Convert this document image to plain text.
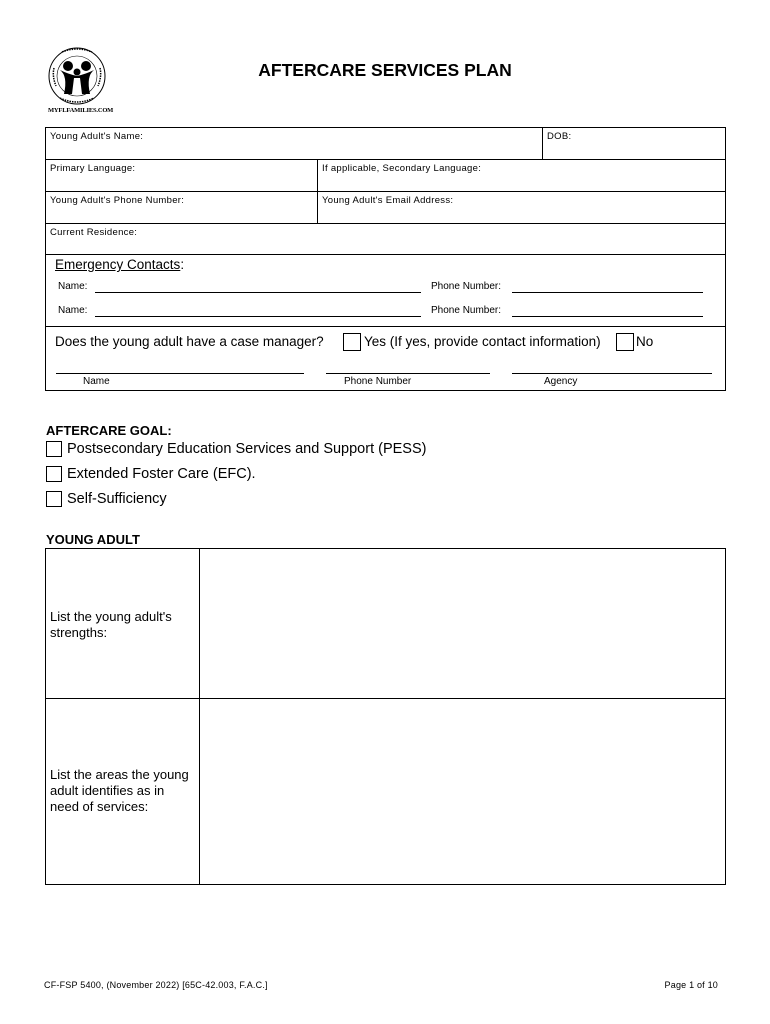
MYFLFAMILIES.COM
AFTERCARE SERVICES PLAN
Young Adult's Name:	DOB:
Primary Language:	If applicable, Secondary Language:
Young Adult's Phone Number:	Young Adult's Email Address:
Current Residence:
Emergency Contacts:
Name:	Phone Number:
Name:	Phone Number:
Does the young adult have a case manager?	Yes (If yes, provide contact information)	No
Name	Phone Number	Agency
AFTERCARE GOAL:
Postsecondary Education Services and Support (PESS)
Extended Foster Care (EFC).
Self-Sufficiency
YOUNG ADULT
List the young adult's strengths:
List the areas the young adult identifies as in need of services:
CF-FSP 5400, (November 2022) [65C-42.003, F.A.C.]	Page 1 of 10
